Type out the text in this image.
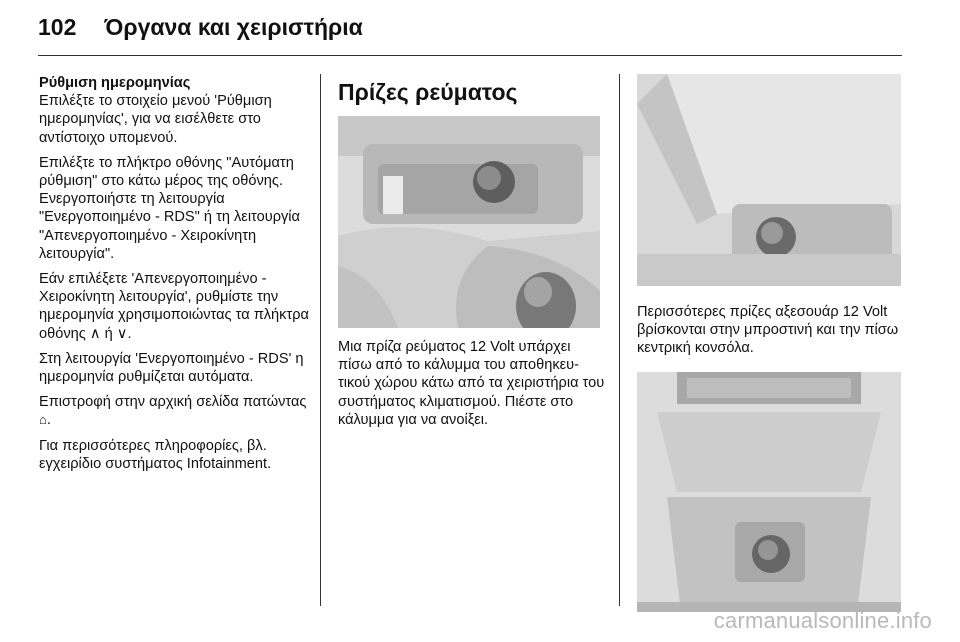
102 Όργανα και χειριστήρια

Ρύθμιση ημερομηνίας

Επιλέξτε το στοιχείο μενού 'Ρύθμιση ημερομηνίας', για να εισέλθετε στο αντίστοιχο υπομενού.

Επιλέξτε το πλήκτρο οθόνης "Αυτόματη ρύθμιση" στο κάτω μέρος της οθόνης. Ενεργοποιήστε τη λειτουργία "Ενεργοποιημένο - RDS" ή τη λειτουργία "Απενεργοποιημένο - Χειροκίνητη λειτουργία".

Εάν επιλέξετε 'Απενεργοποιημένο - Χειροκίνητη λειτουργία', ρυθμίστε την ημερομηνία χρησιμοποιώντας τα πλήκτρα οθόνης ∧ ή ∨.

Στη λειτουργία 'Ενεργοποιημένο - RDS' η ημερομηνία ρυθμίζεται αυτόματα.

Επιστροφή στην αρχική σελίδα πατώντας ⌂.

Για περισσότερες πληροφορίες, βλ. εγχειρίδιο συστήματος Infotainment.

Πρίζες ρεύματος

Μια πρίζα ρεύματος 12 Volt υπάρχει πίσω από το κάλυμμα του αποθηκευτικού χώρου κάτω από τα χειριστήρια του συστήματος κλιματισμού. Πιέστε στο κάλυμμα για να ανοίξει.

Περισσότερες πρίζες αξεσουάρ 12 Volt βρίσκονται στην μπροστινή και την πίσω κεντρική κονσόλα.

carmanualsonline.info
